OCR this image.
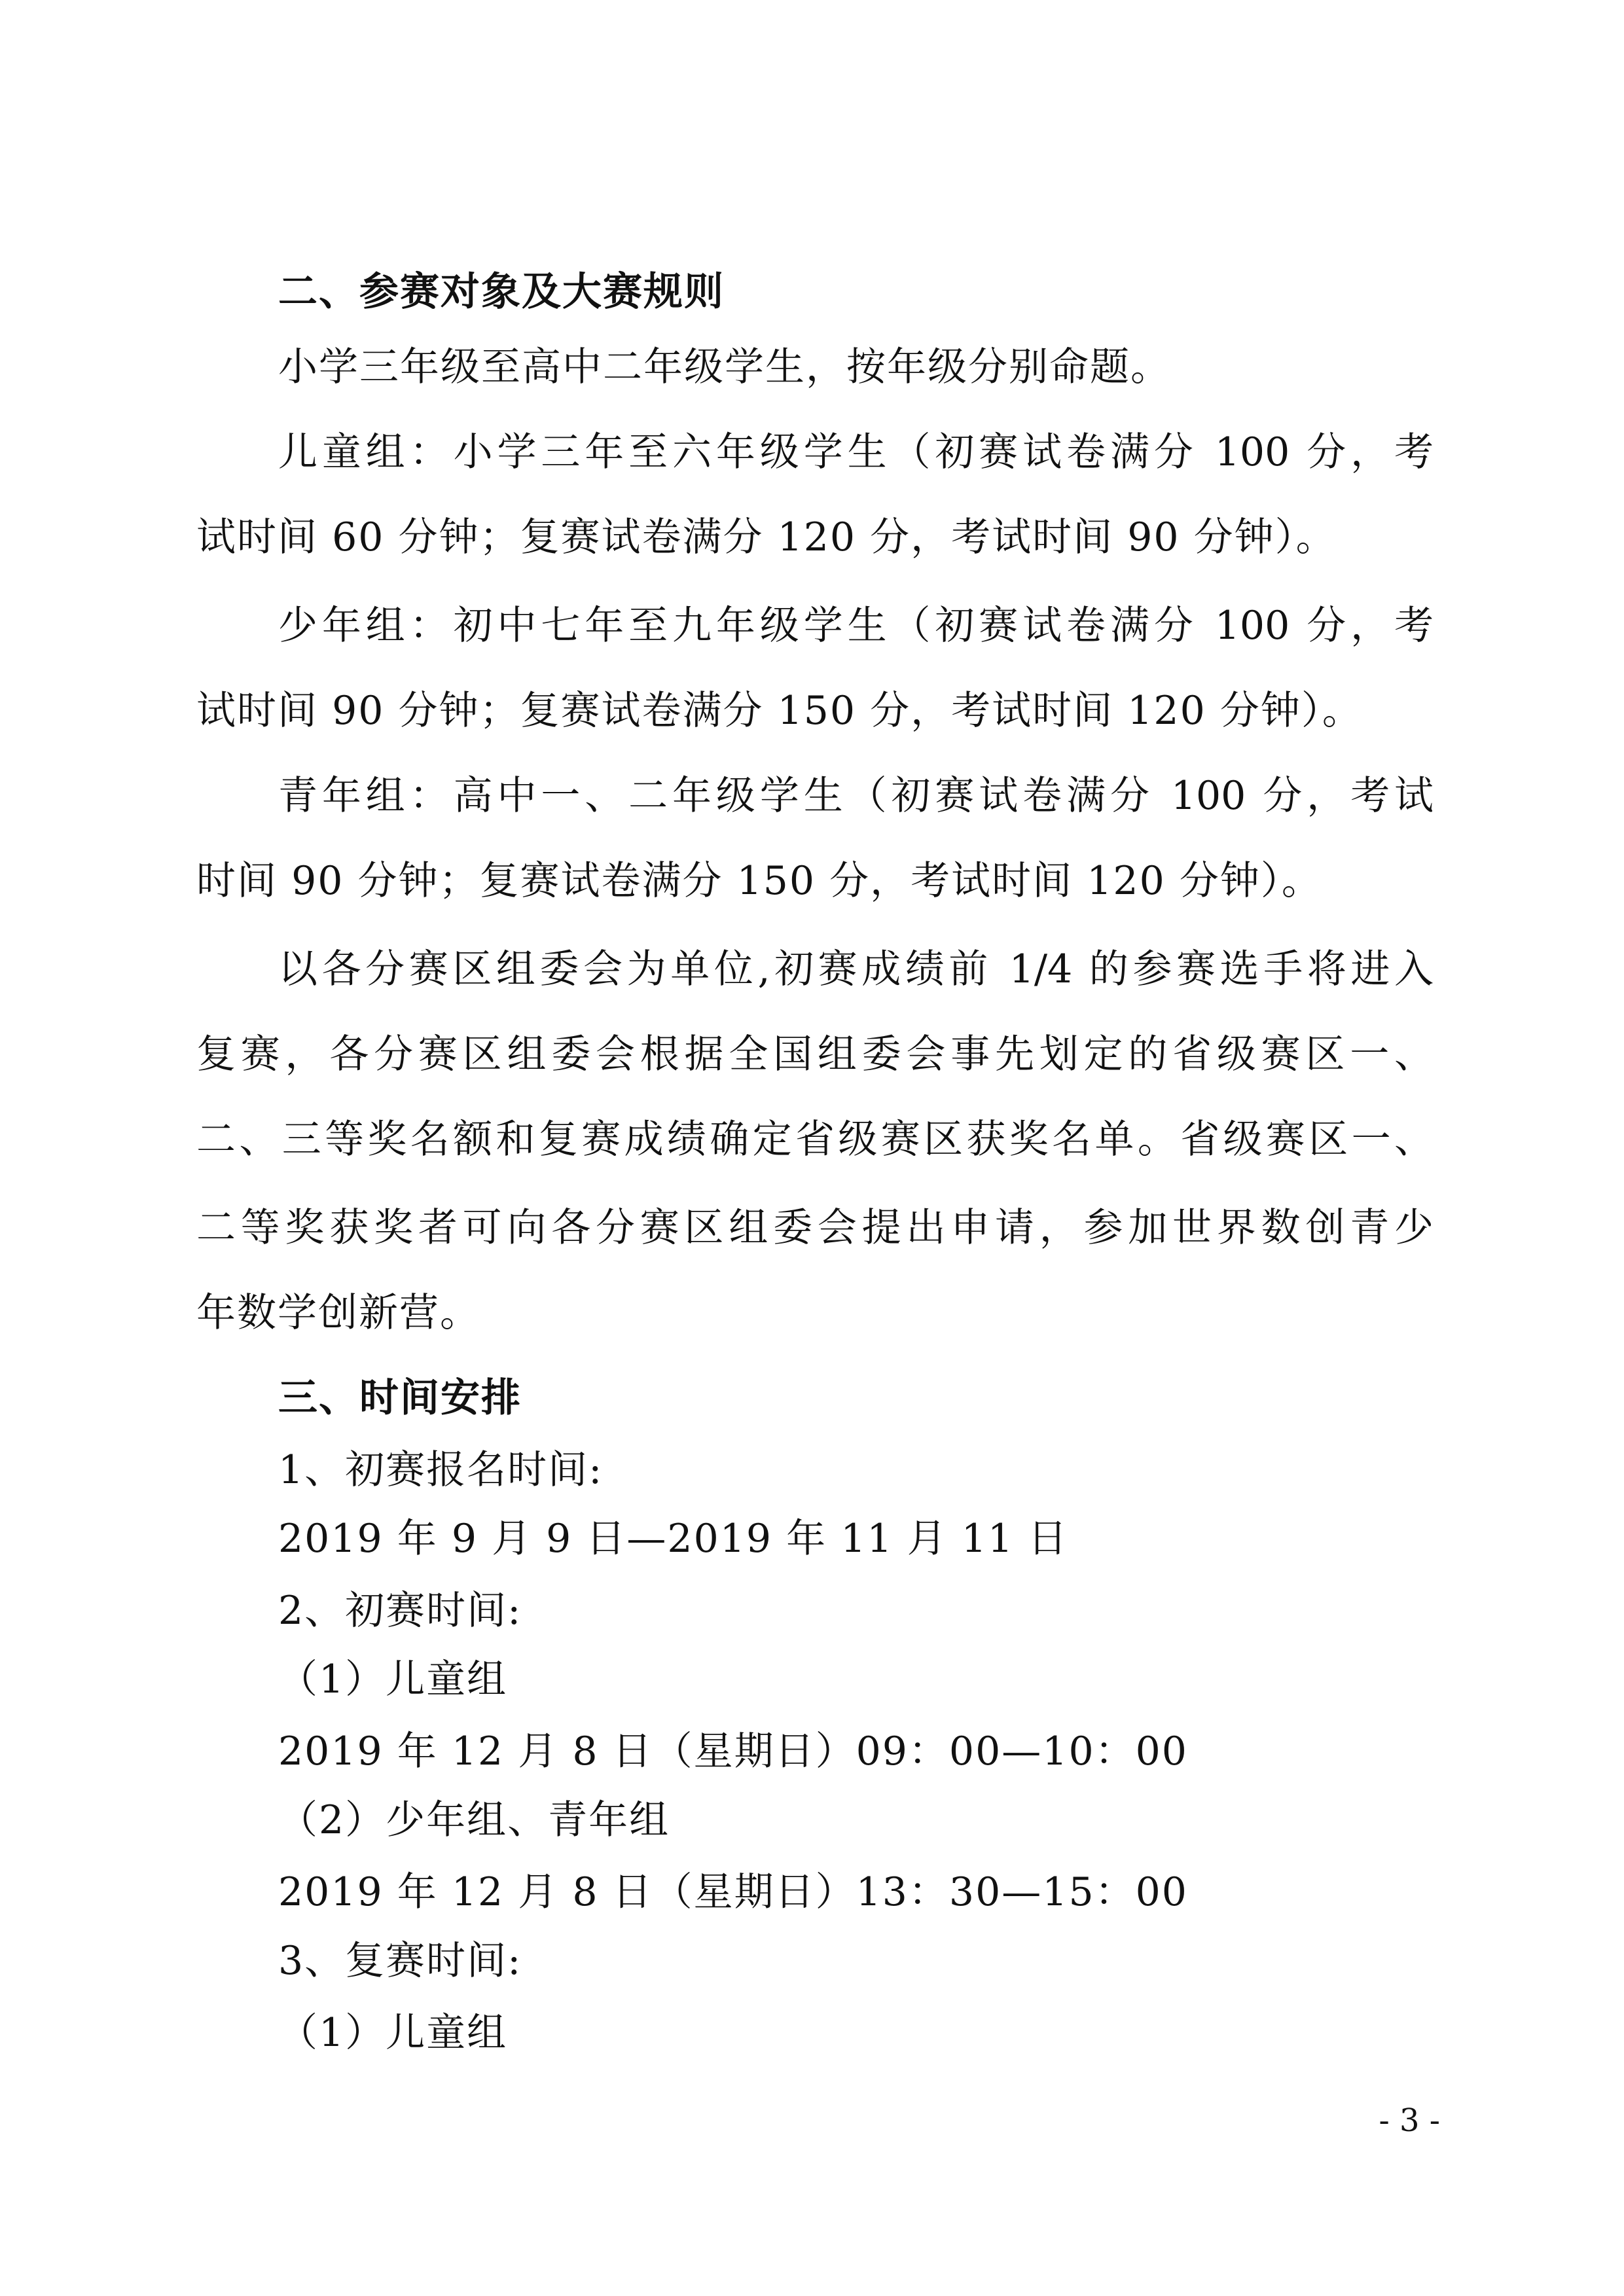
二、参赛对象及大赛规则
小学三年级至高中二年级学生，按年级分别命题。
儿童组：小学三年至六年级学生（初赛试卷满分 100 分，考
试时间 60 分钟；复赛试卷满分 120 分，考试时间 90 分钟）。
少年组：初中七年至九年级学生（初赛试卷满分 100 分，考
试时间 90 分钟；复赛试卷满分 150 分，考试时间 120 分钟）。
青年组：高中一、二年级学生（初赛试卷满分 100 分，考试
时间 90 分钟；复赛试卷满分 150 分，考试时间 120 分钟）。
以各分赛区组委会为单位,初赛成绩前 1/4 的参赛选手将进入
复赛，各分赛区组委会根据全国组委会事先划定的省级赛区一、
二、三等奖名额和复赛成绩确定省级赛区获奖名单。省级赛区一、
二等奖获奖者可向各分赛区组委会提出申请，参加世界数创青少
年数学创新营。
三、时间安排
1、初赛报名时间:
2019 年 9 月 9 日—2019 年 11 月 11 日
2、初赛时间:
（1）儿童组
2019 年 12 月 8 日（星期日）09：00—10：00
（2）少年组、青年组
2019 年 12 月 8 日（星期日）13：30—15：00
3、复赛时间:
（1）儿童组
- 3 -
